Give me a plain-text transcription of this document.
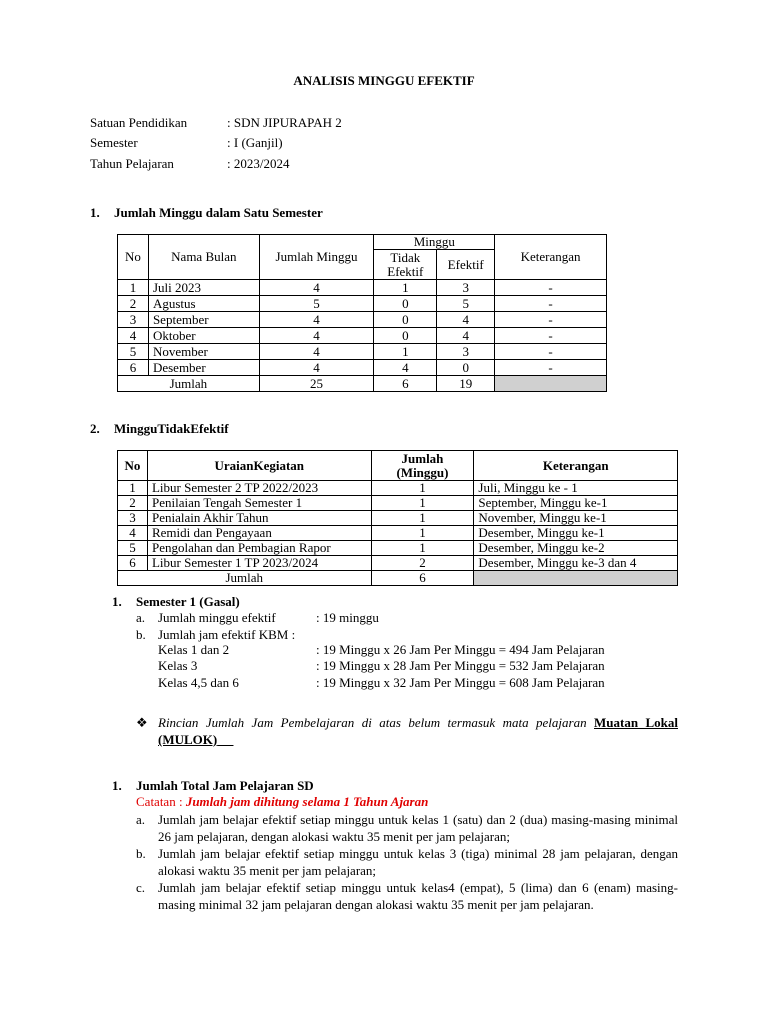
ANALISIS MINGGU EFEKTIF
Satuan Pendidikan	: SDN JIPURAPAH 2
Semester	: I (Ganjil)
Tahun Pelajaran	: 2023/2024
1. Jumlah Minggu dalam Satu Semester
No	Nama Bulan	Jumlah Minggu	Minggu		Keterangan
			Tidak Efektif	Efektif	
1	Juli 2023	4	1	3	-
2	Agustus	5	0	5	-
3	September	4	0	4	-
4	Oktober	4	0	4	-
5	November	4	1	3	-
6	Desember	4	4	0	-
Jumlah		25	6	19	
2. MingguTidakEfektif
No	UraianKegiatan	Jumlah (Minggu)	Keterangan
1	Libur Semester 2 TP 2022/2023	1	Juli, Minggu ke - 1
2	Penilaian Tengah Semester 1	1	September, Minggu ke-1
3	Penialain Akhir Tahun	1	November, Minggu ke-1
4	Remidi dan Pengayaan	1	Desember, Minggu ke-1
5	Pengolahan dan Pembagian Rapor	1	Desember, Minggu ke-2
6	Libur Semester 1 TP 2023/2024	2	Desember, Minggu ke-3 dan 4
Jumlah		6	
1. Semester 1 (Gasal)
a. Jumlah minggu efektif	: 19 minggu
b. Jumlah jam efektif KBM :
Kelas 1 dan 2	: 19 Minggu x 26 Jam Per Minggu = 494 Jam Pelajaran
Kelas 3	: 19 Minggu x 28 Jam Per Minggu = 532 Jam Pelajaran
Kelas 4,5 dan 6	: 19 Minggu x 32 Jam Per Minggu = 608 Jam Pelajaran
❖ Rincian Jumlah Jam Pembelajaran di atas belum termasuk mata pelajaran Muatan Lokal (MULOK)
1. Jumlah Total Jam Pelajaran SD
Catatan : Jumlah jam dihitung selama 1 Tahun Ajaran
a. Jumlah jam belajar efektif setiap minggu untuk kelas 1 (satu) dan 2 (dua) masing-masing minimal 26 jam pelajaran, dengan alokasi waktu 35 menit per jam pelajaran;
b. Jumlah jam belajar efektif setiap minggu untuk kelas 3 (tiga) minimal 28 jam pelajaran, dengan alokasi waktu 35 menit per jam pelajaran;
c. Jumlah jam belajar efektif setiap minggu untuk kelas4 (empat), 5 (lima) dan 6 (enam) masing-masing minimal 32 jam pelajaran dengan alokasi waktu 35 menit per jam pelajaran.
